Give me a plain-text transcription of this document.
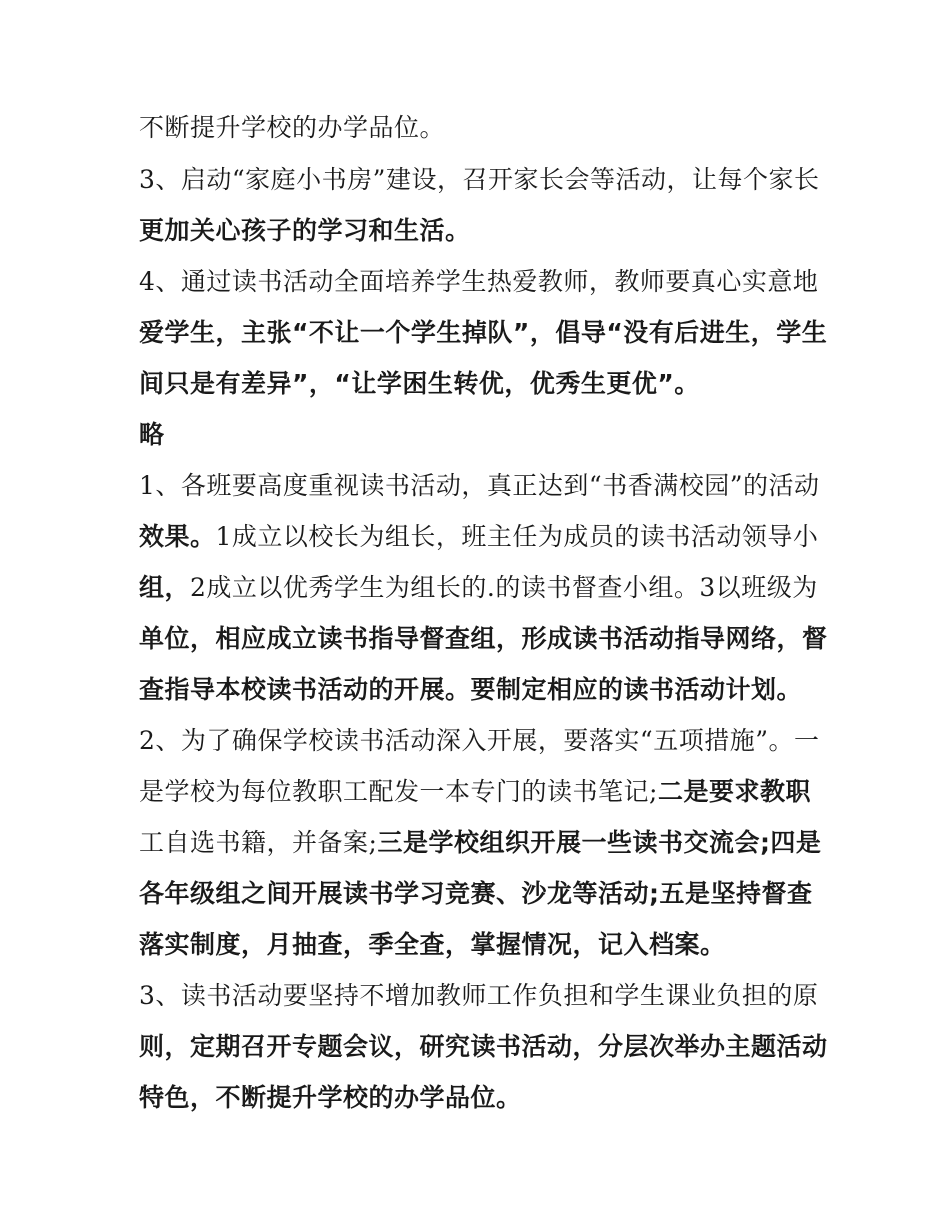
不断提升学校的办学品位。
3、启动“家庭小书房”建设，召开家长会等活动，让每个家长
更加关心孩子的学习和生活。
4、通过读书活动全面培养学生热爱教师，教师要真心实意地
爱学生，主张“不让一个学生掉队”，倡导“没有后进生，学生
间只是有差异”，“让学困生转优，优秀生更优”。
略
1、各班要高度重视读书活动，真正达到“书香满校园”的活动
效果。1成立以校长为组长，班主任为成员的读书活动领导小
组，2成立以优秀学生为组长的.的读书督查小组。3以班级为
单位，相应成立读书指导督查组，形成读书活动指导网络，督
查指导本校读书活动的开展。要制定相应的读书活动计划。
2、为了确保学校读书活动深入开展，要落实“五项措施”。一
是学校为每位教职工配发一本专门的读书笔记;二是要求教职
工自选书籍，并备案;三是学校组织开展一些读书交流会;四是
各年级组之间开展读书学习竞赛、沙龙等活动;五是坚持督查
落实制度，月抽查，季全查，掌握情况，记入档案。
3、读书活动要坚持不增加教师工作负担和学生课业负担的原
则，定期召开专题会议，研究读书活动，分层次举办主题活动
特色，不断提升学校的办学品位。
